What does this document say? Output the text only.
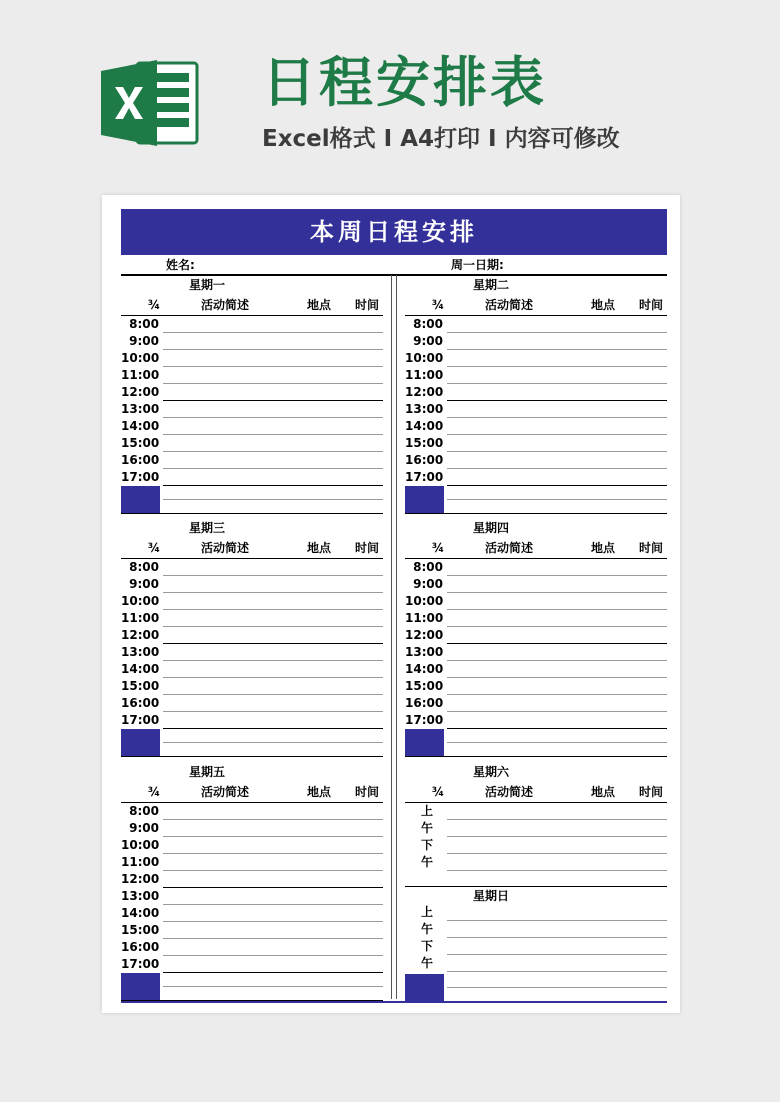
日程安排表
Excel格式 I A4打印 I 内容可修改
本周日程安排
姓名:	周一日期:
星期一
¾	活动简述	地点 时间
8:00
9:00
10:00
11:00
12:00
13:00
14:00
15:00
16:00
17:00
星期二
¾	活动简述	地点 时间
8:00
9:00
10:00
11:00
12:00
13:00
14:00
15:00
16:00
17:00
星期三
¾	活动简述	地点 时间
8:00
9:00
10:00
11:00
12:00
13:00
14:00
15:00
16:00
17:00
星期四
¾	活动简述	地点 时间
8:00
9:00
10:00
11:00
12:00
13:00
14:00
15:00
16:00
17:00
星期五
¾	活动简述	地点 时间
8:00
9:00
10:00
11:00
12:00
13:00
14:00
15:00
16:00
17:00
星期六
¾	活动简述	地点 时间
上
午
下
午
星期日
上
午
下
午
